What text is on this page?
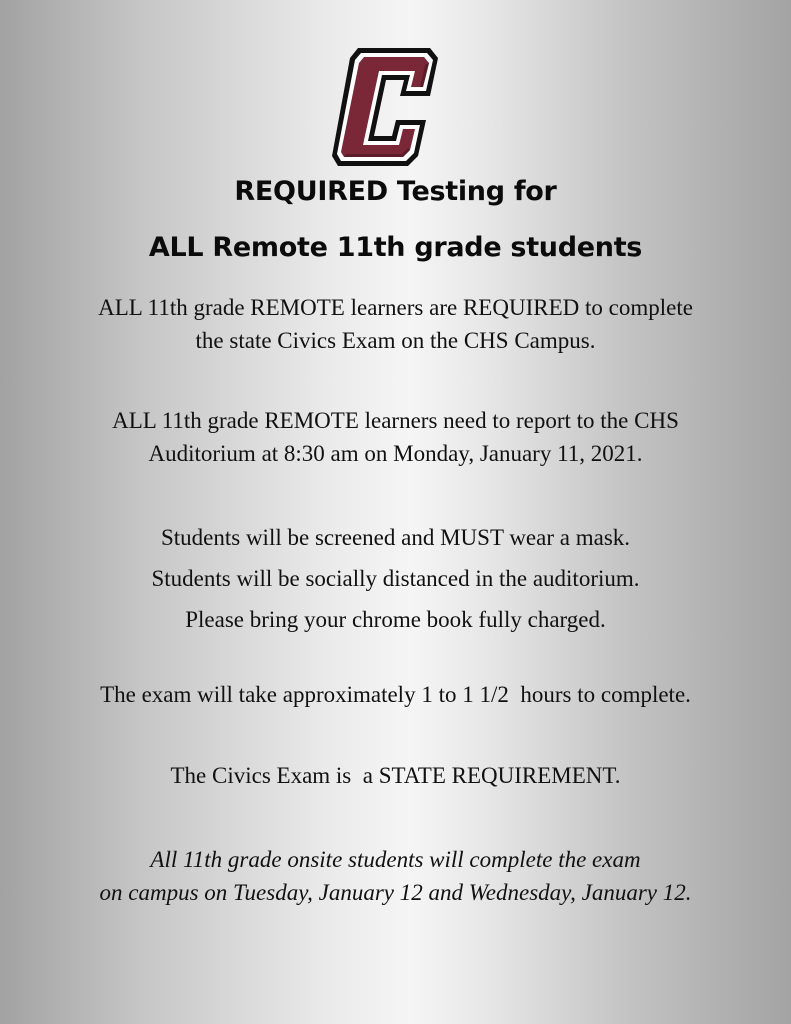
REQUIRED Testing for
ALL Remote 11th grade students
ALL 11th grade REMOTE learners are REQUIRED to complete
the state Civics Exam on the CHS Campus.
ALL 11th grade REMOTE learners need to report to the CHS
Auditorium at 8:30 am on Monday, January 11, 2021.
Students will be screened and MUST wear a mask.
Students will be socially distanced in the auditorium.
Please bring your chrome book fully charged.
The exam will take approximately 1 to 1 1/2  hours to complete.
The Civics Exam is  a STATE REQUIREMENT.
All 11th grade onsite students will complete the exam
on campus on Tuesday, January 12 and Wednesday, January 12.
